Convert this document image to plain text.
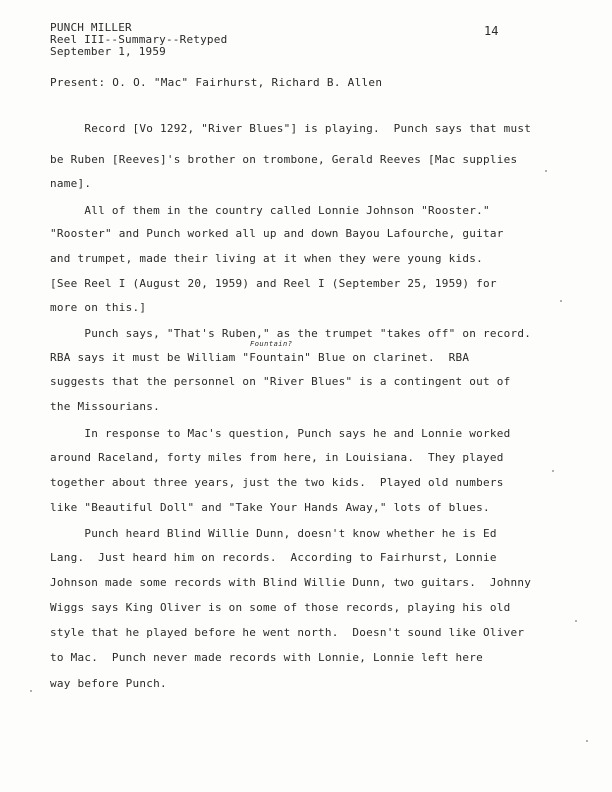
PUNCH MILLER
Reel III--Summary--Retyped
September 1, 1959
14
Present: O. O. "Mac" Fairhurst, Richard B. Allen
Record [Vo 1292, "River Blues"] is playing.  Punch says that must
be Ruben [Reeves]'s brother on trombone, Gerald Reeves [Mac supplies
name].
All of them in the country called Lonnie Johnson "Rooster."
"Rooster" and Punch worked all up and down Bayou Lafourche, guitar
and trumpet, made their living at it when they were young kids.
[See Reel I (August 20, 1959) and Reel I (September 25, 1959) for
more on this.]
Punch says, "That's Ruben," as the trumpet "takes off" on record.
Fountain?
RBA says it must be William "Fountain" Blue on clarinet.  RBA
suggests that the personnel on "River Blues" is a contingent out of
the Missourians.
In response to Mac's question, Punch says he and Lonnie worked
around Raceland, forty miles from here, in Louisiana.  They played
together about three years, just the two kids.  Played old numbers
like "Beautiful Doll" and "Take Your Hands Away," lots of blues.
Punch heard Blind Willie Dunn, doesn't know whether he is Ed
Lang.  Just heard him on records.  According to Fairhurst, Lonnie
Johnson made some records with Blind Willie Dunn, two guitars.  Johnny
Wiggs says King Oliver is on some of those records, playing his old
style that he played before he went north.  Doesn't sound like Oliver
to Mac.  Punch never made records with Lonnie, Lonnie left here
way before Punch.
